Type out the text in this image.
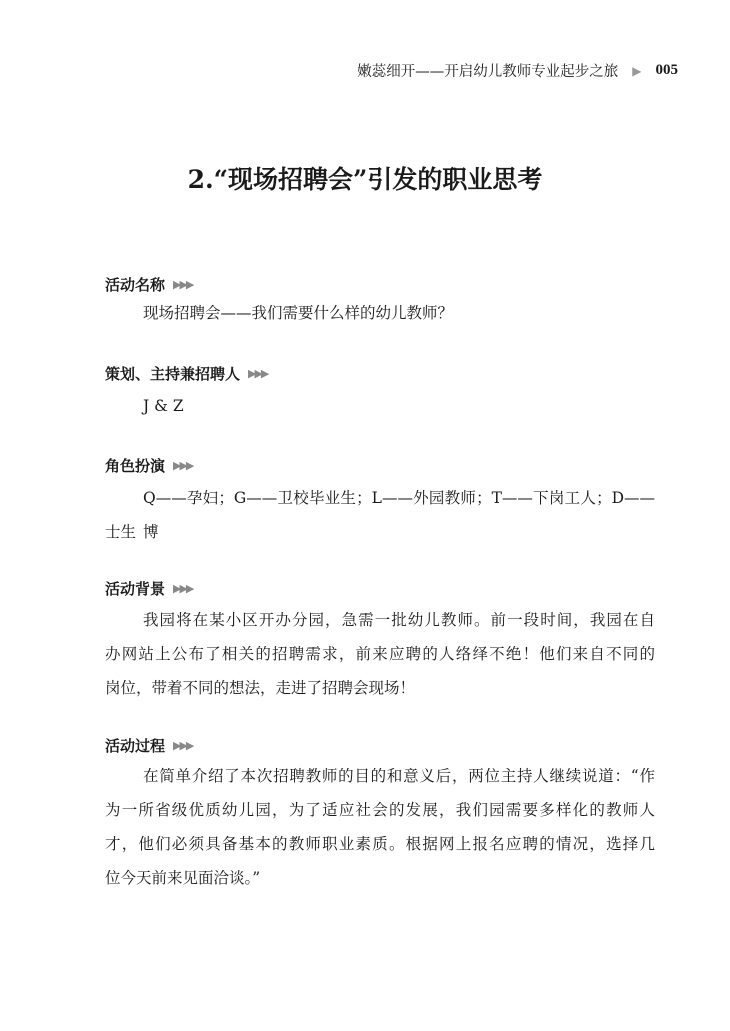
嫩蕊细开——开启幼儿教师专业起步之旅 ▶ 005
2.“现场招聘会”引发的职业思考
活动名称 ▶▶▶
现场招聘会——我们需要什么样的幼儿教师？
策划、主持兼招聘人 ▶▶▶
J & Z
角色扮演 ▶▶▶
Q——孕妇；G——卫校毕业生；L——外园教师；T——下岗工人；D——博
士生
活动背景 ▶▶▶
我园将在某小区开办分园，急需一批幼儿教师。前一段时间，我园在自
办网站上公布了相关的招聘需求，前来应聘的人络绎不绝！他们来自不同的
岗位，带着不同的想法，走进了招聘会现场！
活动过程 ▶▶▶
在简单介绍了本次招聘教师的目的和意义后，两位主持人继续说道：“作
为一所省级优质幼儿园，为了适应社会的发展，我们园需要多样化的教师人
才，他们必须具备基本的教师职业素质。根据网上报名应聘的情况，选择几
位今天前来见面洽谈。”
